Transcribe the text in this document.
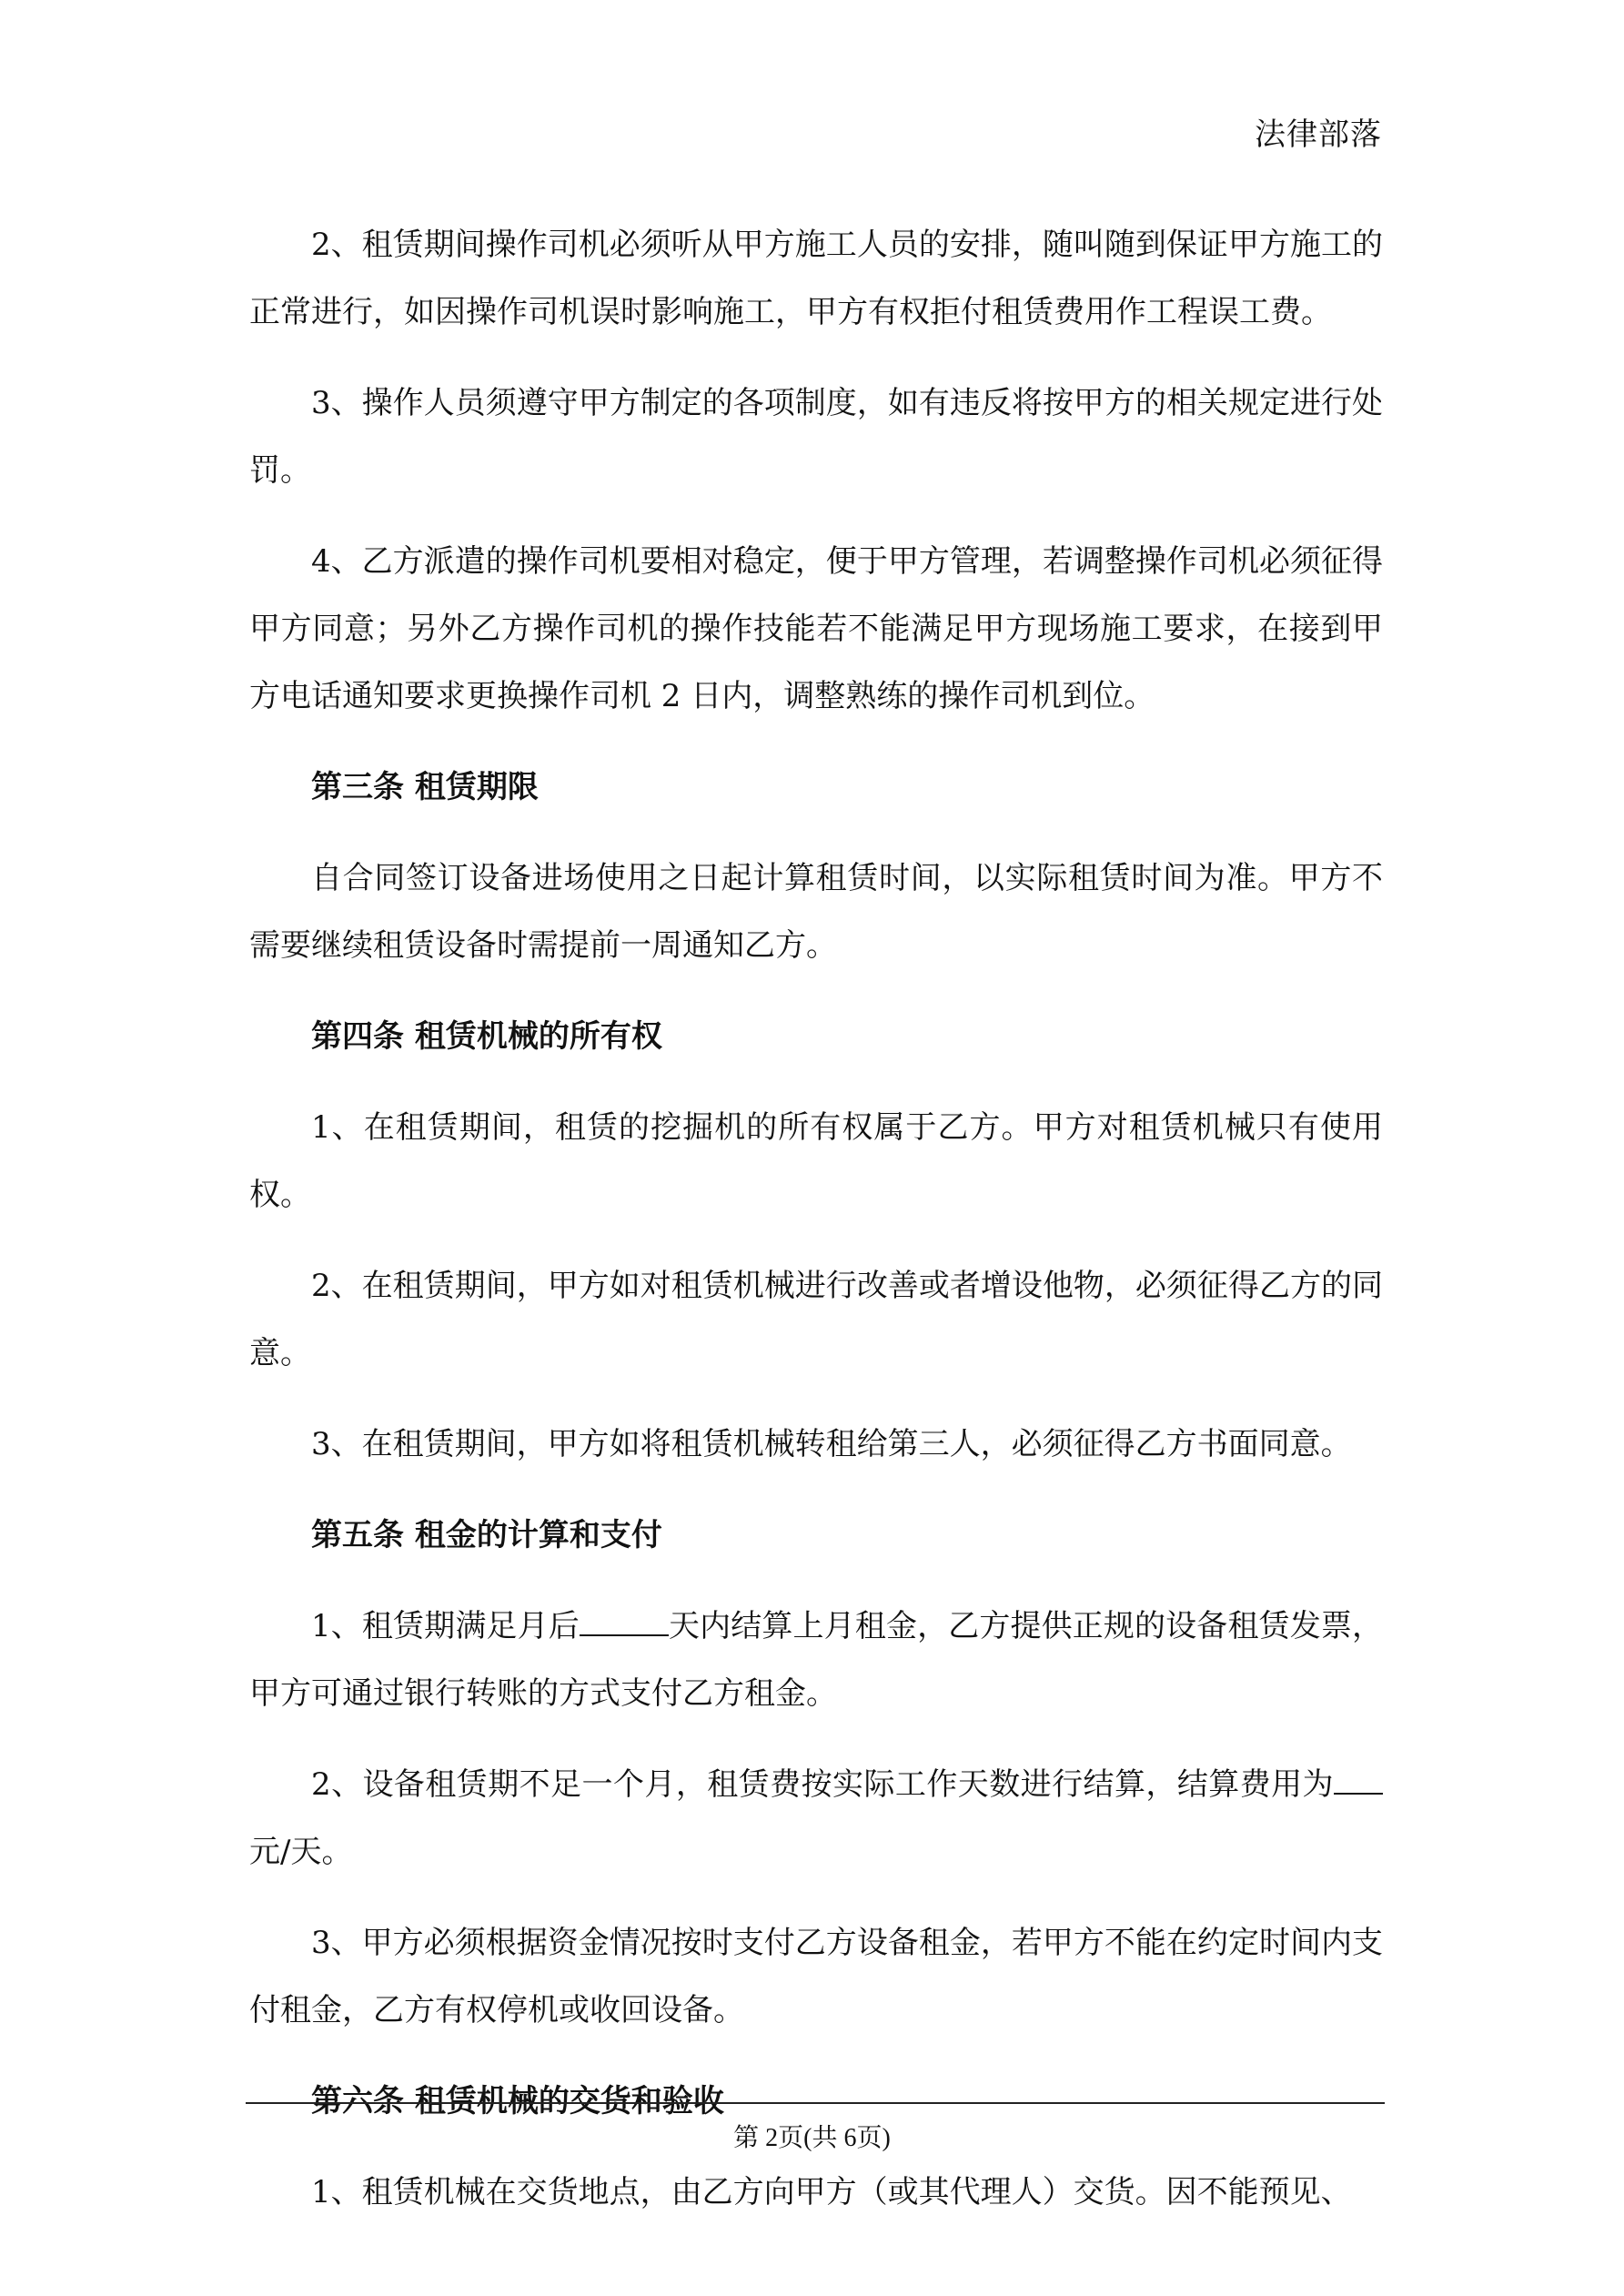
法律部落

2、租赁期间操作司机必须听从甲方施工人员的安排，随叫随到保证甲方施工的正常进行，如因操作司机误时影响施工，甲方有权拒付租赁费用作工程误工费。

3、操作人员须遵守甲方制定的各项制度，如有违反将按甲方的相关规定进行处罚。

4、乙方派遣的操作司机要相对稳定，便于甲方管理，若调整操作司机必须征得甲方同意；另外乙方操作司机的操作技能若不能满足甲方现场施工要求，在接到甲方电话通知要求更换操作司机 2 日内，调整熟练的操作司机到位。

第三条 租赁期限

自合同签订设备进场使用之日起计算租赁时间，以实际租赁时间为准。甲方不需要继续租赁设备时需提前一周通知乙方。

第四条 租赁机械的所有权

1、在租赁期间，租赁的挖掘机的所有权属于乙方。甲方对租赁机械只有使用权。

2、在租赁期间，甲方如对租赁机械进行改善或者增设他物，必须征得乙方的同意。

3、在租赁期间，甲方如将租赁机械转租给第三人，必须征得乙方书面同意。

第五条 租金的计算和支付

1、租赁期满足月后	天内结算上月租金，乙方提供正规的设备租赁发票，甲方可通过银行转账的方式支付乙方租金。

2、设备租赁期不足一个月，租赁费按实际工作天数进行结算，结算费用为元/天。

3、甲方必须根据资金情况按时支付乙方设备租金，若甲方不能在约定时间内支付租金，乙方有权停机或收回设备。

第六条 租赁机械的交货和验收

1、租赁机械在交货地点，由乙方向甲方（或其代理人）交货。因不能预见、

第 2页(共 6页)
